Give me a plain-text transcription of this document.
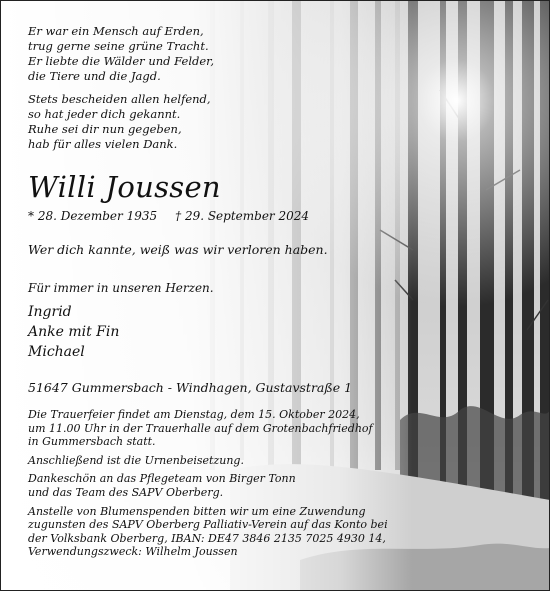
Er war ein Mensch auf Erden,
trug gerne seine grüne Tracht.
Er liebte die Wälder und Felder,
die Tiere und die Jagd.

Stets bescheiden allen helfend,
so hat jeder dich gekannt.
Ruhe sei dir nun gegeben,
hab für alles vielen Dank.

Willi Joussen
* 28. Dezember 1935 † 29. September 2024
Wer dich kannte, weiß was wir verloren haben.
Für immer in unseren Herzen.
Ingrid
Anke mit Fin
Michael
51647 Gummersbach - Windhagen, Gustavstraße 1

Die Trauerfeier findet am Dienstag, dem 15. Oktober 2024,
um 11.00 Uhr in der Trauerhalle auf dem Grotenbachfriedhof
in Gummersbach statt.

Anschließend ist die Urnenbeisetzung.

Dankeschön an das Pflegeteam von Birger Tonn
und das Team des SAPV Oberberg.

Anstelle von Blumenspenden bitten wir um eine Zuwendung
zugunsten des SAPV Oberberg Palliativ-Verein auf das Konto bei
der Volksbank Oberberg, IBAN: DE47 3846 2135 7025 4930 14,
Verwendungszweck: Wilhelm Joussen
